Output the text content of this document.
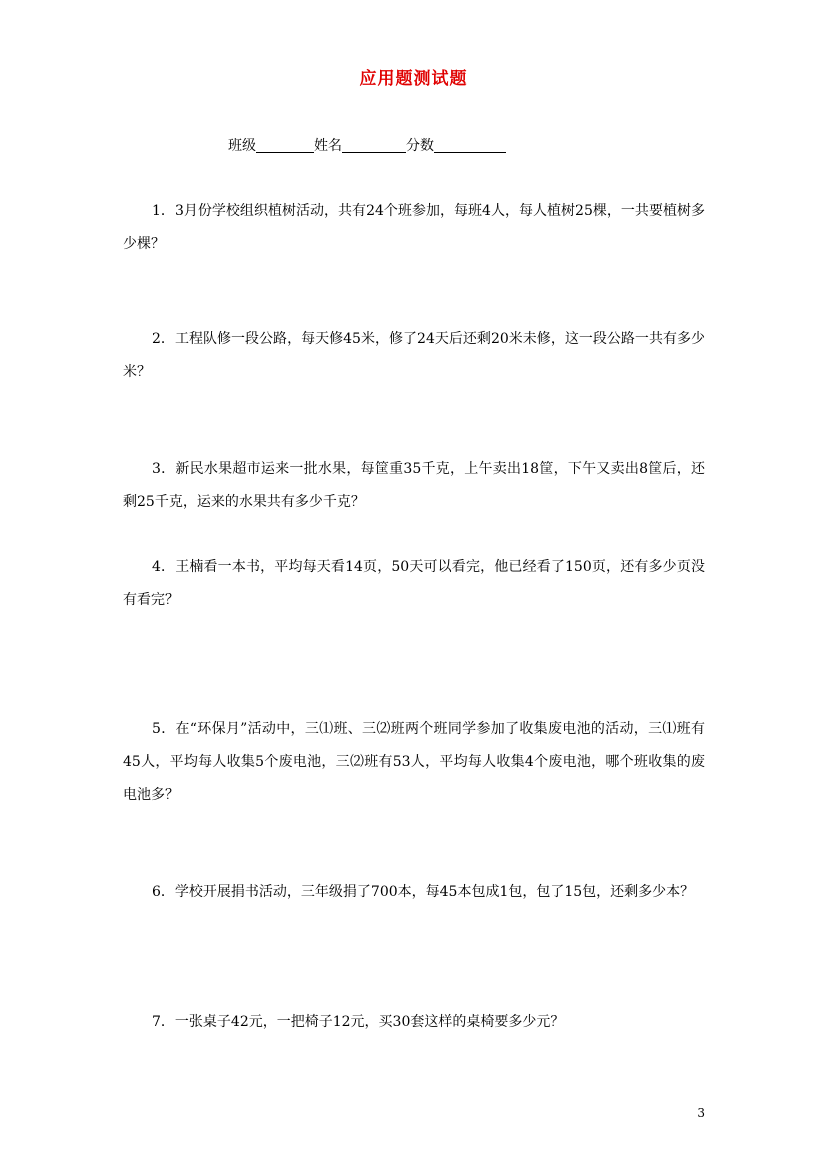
应用题测试题
班级	姓名	分数

1．3月份学校组织植树活动，共有24个班参加，每班4人，每人植树25棵，一共要植树多少棵？

2．工程队修一段公路，每天修45米，修了24天后还剩20米未修，这一段公路一共有多少米？

3．新民水果超市运来一批水果，每筐重35千克，上午卖出18筐，下午又卖出8筐后，还剩25千克，运来的水果共有多少千克？

4．王楠看一本书，平均每天看14页，50天可以看完，他已经看了150页，还有多少页没有看完？

5．在“环保月”活动中，三⑴班、三⑵班两个班同学参加了收集废电池的活动，三⑴班有45人，平均每人收集5个废电池，三⑵班有53人，平均每人收集4个废电池，哪个班收集的废电池多？

6．学校开展捐书活动，三年级捐了700本，每45本包成1包，包了15包，还剩多少本？

7．一张桌子42元，一把椅子12元，买30套这样的桌椅要多少元？

3
